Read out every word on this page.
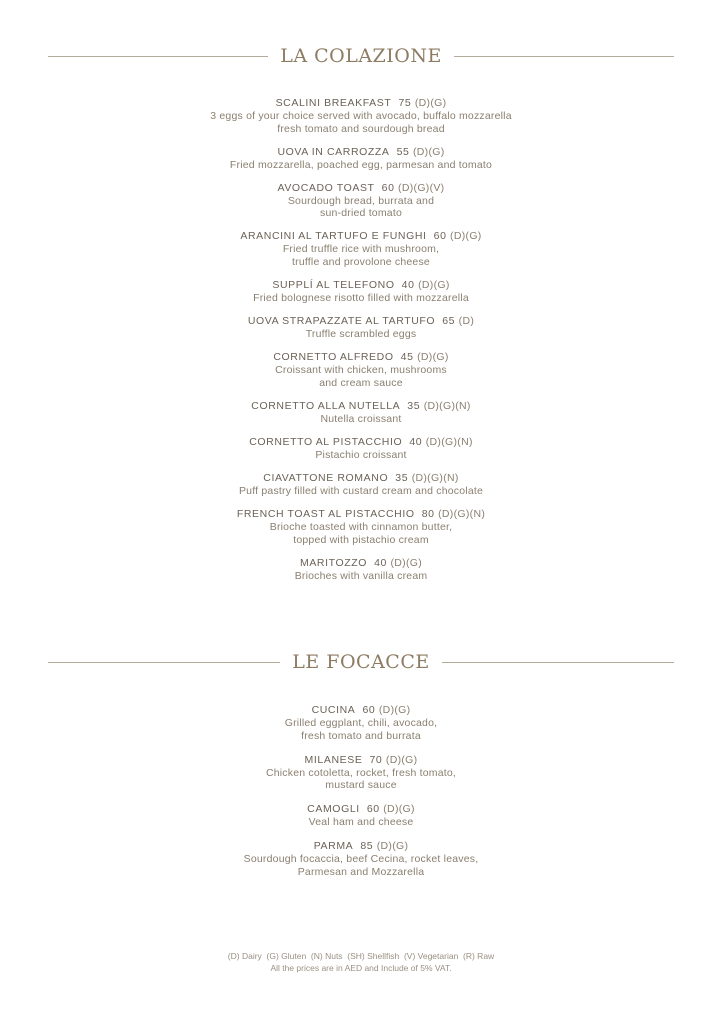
LA COLAZIONE
SCALINI BREAKFAST 75 (D)(G)
3 eggs of your choice served with avocado, buffalo mozzarella
fresh tomato and sourdough bread
UOVA IN CARROZZA 55 (D)(G)
Fried mozzarella, poached egg, parmesan and tomato
AVOCADO TOAST 60 (D)(G)(V)
Sourdough bread, burrata and
sun-dried tomato
ARANCINI AL TARTUFO E FUNGHI 60 (D)(G)
Fried truffle rice with mushroom,
truffle and provolone cheese
SUPPLÍ AL TELEFONO 40 (D)(G)
Fried bolognese risotto filled with mozzarella
UOVA STRAPAZZATE AL TARTUFO 65 (D)
Truffle scrambled eggs
CORNETTO ALFREDO 45 (D)(G)
Croissant with chicken, mushrooms
and cream sauce
CORNETTO ALLA NUTELLA 35 (D)(G)(N)
Nutella croissant
CORNETTO AL PISTACCHIO 40 (D)(G)(N)
Pistachio croissant
CIAVATTONE ROMANO 35 (D)(G)(N)
Puff pastry filled with custard cream and chocolate
FRENCH TOAST AL PISTACCHIO 80 (D)(G)(N)
Brioche toasted with cinnamon butter,
topped with pistachio cream
MARITOZZO 40 (D)(G)
Brioches with vanilla cream
LE FOCACCE
CUCINA 60 (D)(G)
Grilled eggplant, chili, avocado,
fresh tomato and burrata
MILANESE 70 (D)(G)
Chicken cotoletta, rocket, fresh tomato,
mustard sauce
CAMOGLI 60 (D)(G)
Veal ham and cheese
PARMA 85 (D)(G)
Sourdough focaccia, beef Cecina, rocket leaves,
Parmesan and Mozzarella
(D) Dairy  (G) Gluten  (N) Nuts  (SH) Shellfish  (V) Vegetarian  (R) Raw
All the prices are in AED and Include of 5% VAT.
